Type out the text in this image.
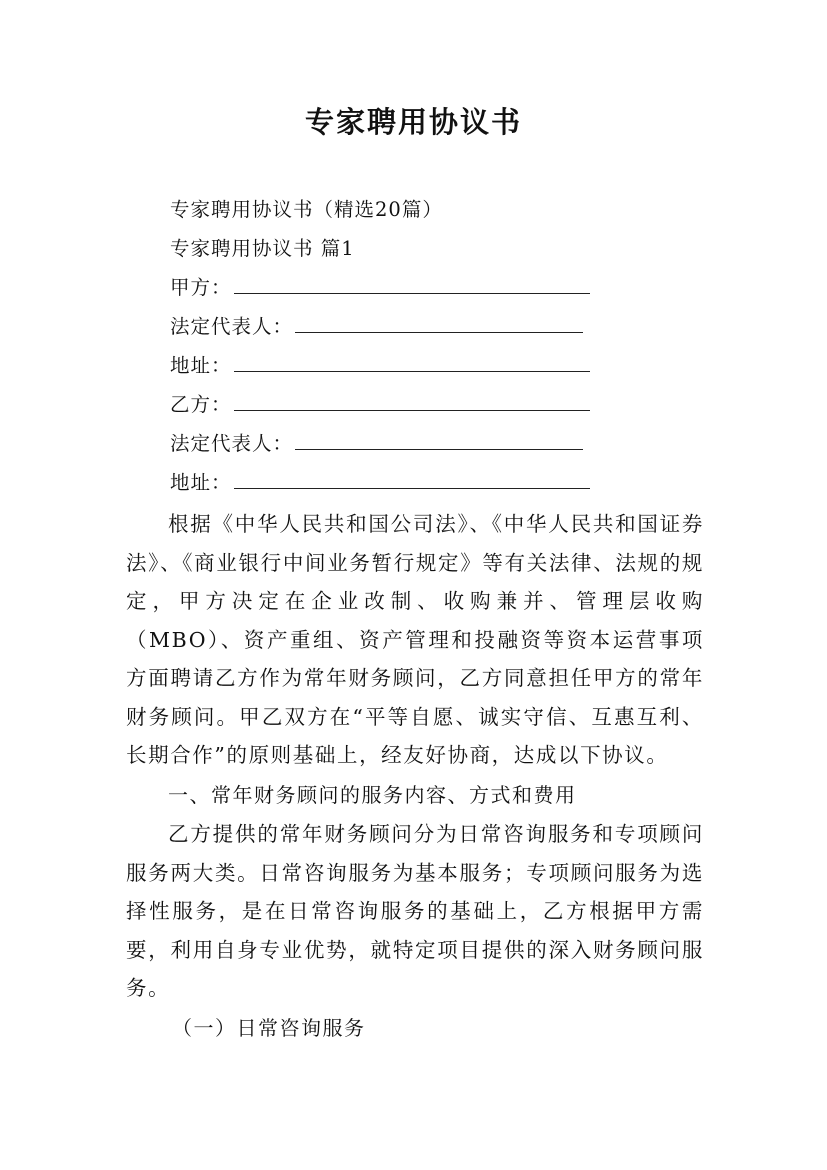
专家聘用协议书
专家聘用协议书（精选20篇）
专家聘用协议书 篇1
甲方：
法定代表人：
地址：
乙方：
法定代表人：
地址：

根据《中华人民共和国公司法》、《中华人民共和国证券法》、《商业银行中间业务暂行规定》等有关法律、法规的规定，甲方决定在企业改制、收购兼并、管理层收购（MBO）、资产重组、资产管理和投融资等资本运营事项方面聘请乙方作为常年财务顾问，乙方同意担任甲方的常年财务顾问。甲乙双方在“平等自愿、诚实守信、互惠互利、长期合作”的原则基础上，经友好协商，达成以下协议。

一、常年财务顾问的服务内容、方式和费用

乙方提供的常年财务顾问分为日常咨询服务和专项顾问服务两大类。日常咨询服务为基本服务；专项顾问服务为选择性服务，是在日常咨询服务的基础上，乙方根据甲方需要，利用自身专业优势，就特定项目提供的深入财务顾问服务。

（一）日常咨询服务
